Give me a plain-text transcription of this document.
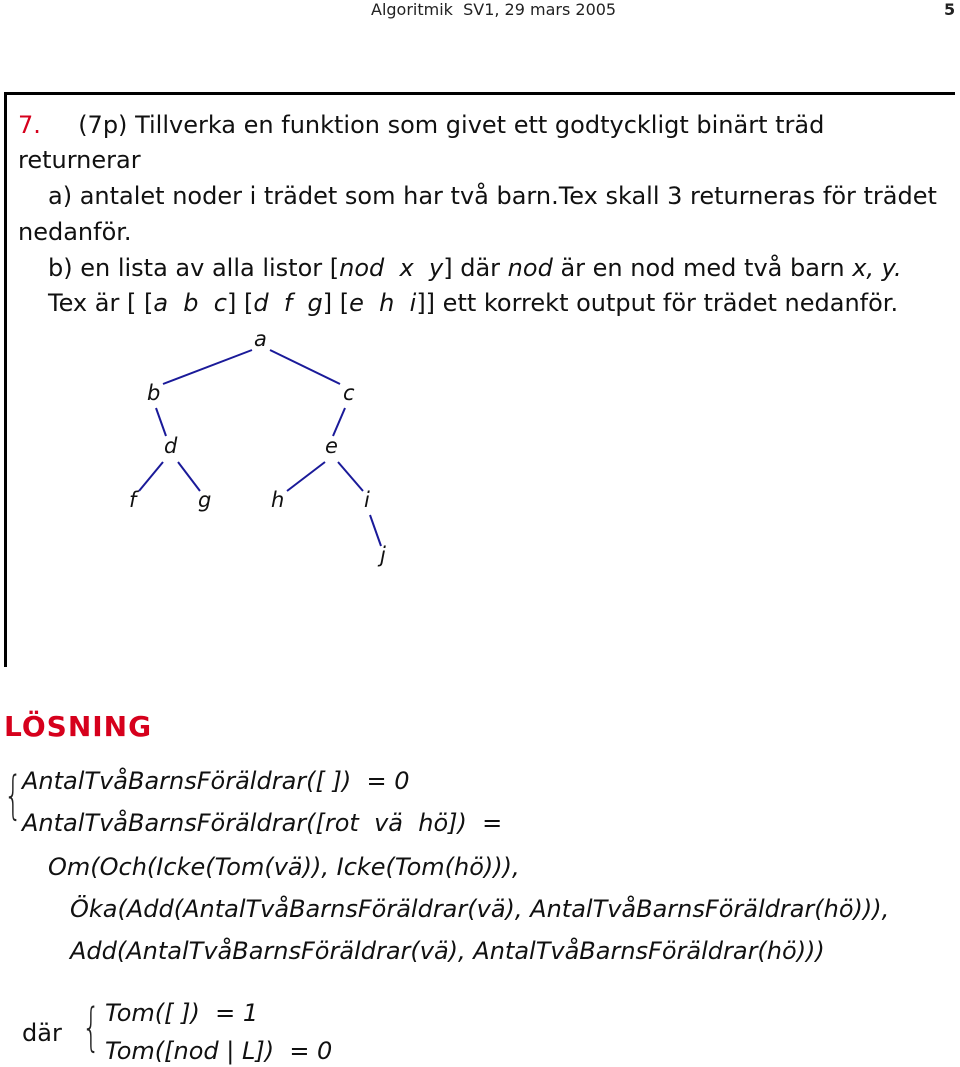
Algoritmik  SV1, 29 mars 2005	5
7. (7p) Tillverka en funktion som givet ett godtyckligt binärt träd
returnerar
a) antalet noder i trädet som har två barn.Tex skall 3 returneras för trädet
nedanför.
b) en lista av alla listor [nod x y] där nod är en nod med två barn x, y.
Tex är [ [a  b  c] [d  f  g] [e  h  i]] ett korrekt output för trädet nedanför.
a
b	c
d	e
f	g	h	i
j
LÖSNING
{ AntalTvåBarnsFöräldrar([ ])  = 0
AntalTvåBarnsFöräldrar([rot  vä  hö])  =
Om(Och(Icke(Tom(vä)), Icke(Tom(hö))),
Öka(Add(AntalTvåBarnsFöräldrar(vä), AntalTvåBarnsFöräldrar(hö))),
Add(AntalTvåBarnsFöräldrar(vä), AntalTvåBarnsFöräldrar(hö)))
där { Tom([ ])  = 1
Tom([nod | L])  = 0
